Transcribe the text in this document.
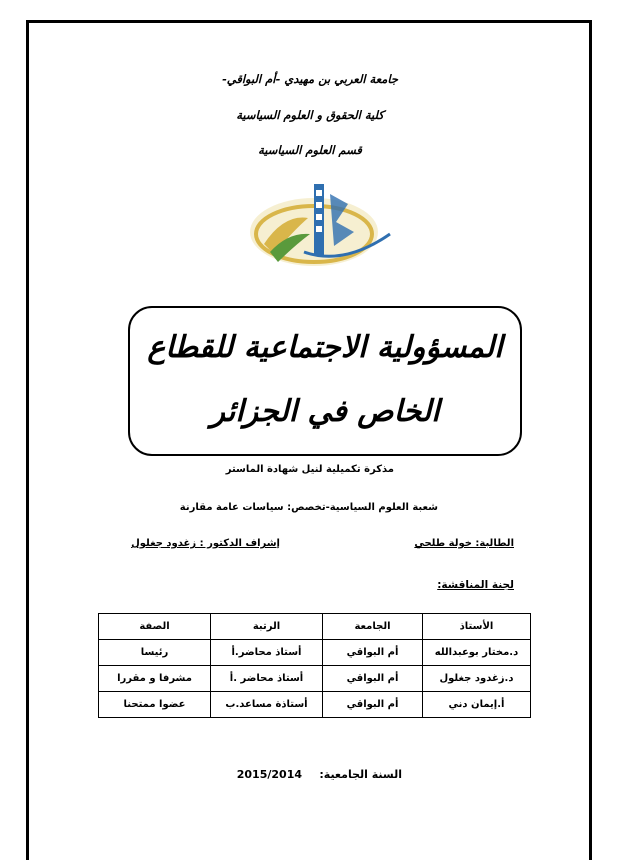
جامعة العربي بن مهيدي -أم البواقي-
كلية الحقوق و العلوم السياسية
قسم العلوم السياسية
المسؤولية الاجتماعية للقطاع
الخاص في الجزائر
مذكرة تكميلية لنيل شهادة الماستر
شعبة العلوم السياسية-تخصص: سياسات عامة مقارنة
الطالبة: خولة طلحي
إشراف الدكتور : زغدود جغلول
لجنة المناقشة:
الأستاذ	الجامعة	الرتبة	الصفة
د.مختار بوعبدالله	أم البواقي	أستاذ محاضر.أ	رئيسا
د.زغدود جغلول	أم البواقي	أستاذ محاضر .أ	مشرفا و مقررا
أ.إيمان دني	أم البواقي	أستاذة مساعد.ب	عضوا ممتحنا
السنة الجامعية:
2015/2014
